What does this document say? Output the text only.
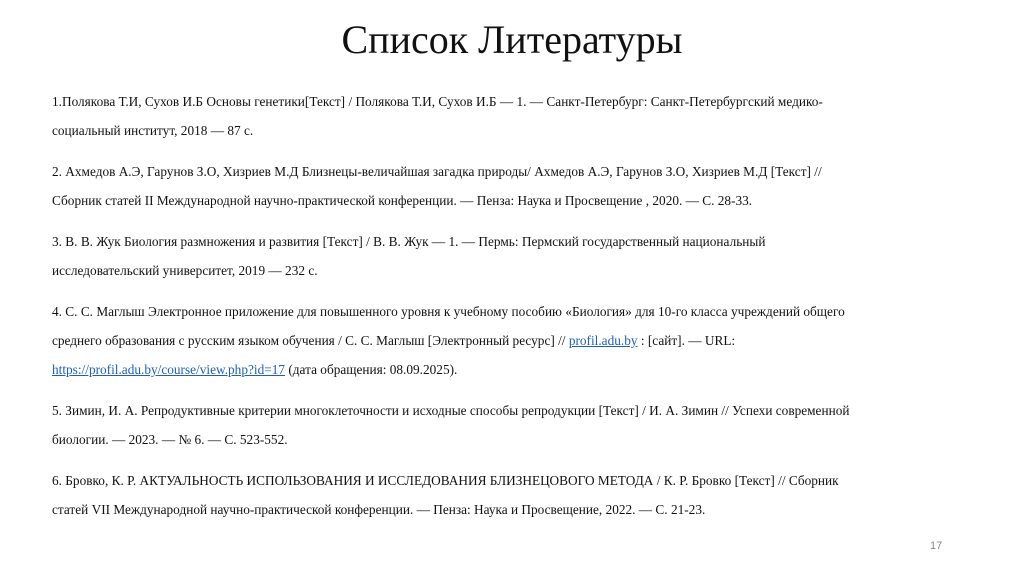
Список Литературы
1.Полякова Т.И, Сухов И.Б Основы генетики[Текст] / Полякова Т.И, Сухов И.Б — 1. — Санкт-Петербург: Санкт-Петербургский медико-
социальный институт, 2018 — 87 с.
2. Ахмедов А.Э, Гарунов З.О, Хизриев М.Д Близнецы-величайшая загадка природы/ Ахмедов А.Э, Гарунов З.О, Хизриев М.Д [Текст] //
Сборник статей II Международной научно-практической конференции. — Пенза: Наука и Просвещение , 2020. — С. 28-33.
3. В. В. Жук Биология размножения и развития [Текст] / В. В. Жук — 1. — Пермь: Пермский государственный национальный
исследовательский университет, 2019 — 232 с.
4. С. С. Маглыш Электронное приложение для повышенного уровня к учебному пособию «Биология» для 10-го класса учреждений общего
среднего образования с русским языком обучения / С. С. Маглыш [Электронный ресурс] // profil.adu.by : [сайт]. — URL:
https://profil.adu.by/course/view.php?id=17 (дата обращения: 08.09.2025).
5. Зимин, И. А. Репродуктивные критерии многоклеточности и исходные способы репродукции [Текст] / И. А. Зимин // Успехи современной
биологии. — 2023. — № 6. — С. 523-552.
6. Бровко, К. Р. АКТУАЛЬНОСТЬ ИСПОЛЬЗОВАНИЯ И ИССЛЕДОВАНИЯ БЛИЗНЕЦОВОГО МЕТОДА / К. Р. Бровко [Текст] // Сборник
статей VII Международной научно-практической конференции. — Пенза: Наука и Просвещение, 2022. — С. 21-23.
17
